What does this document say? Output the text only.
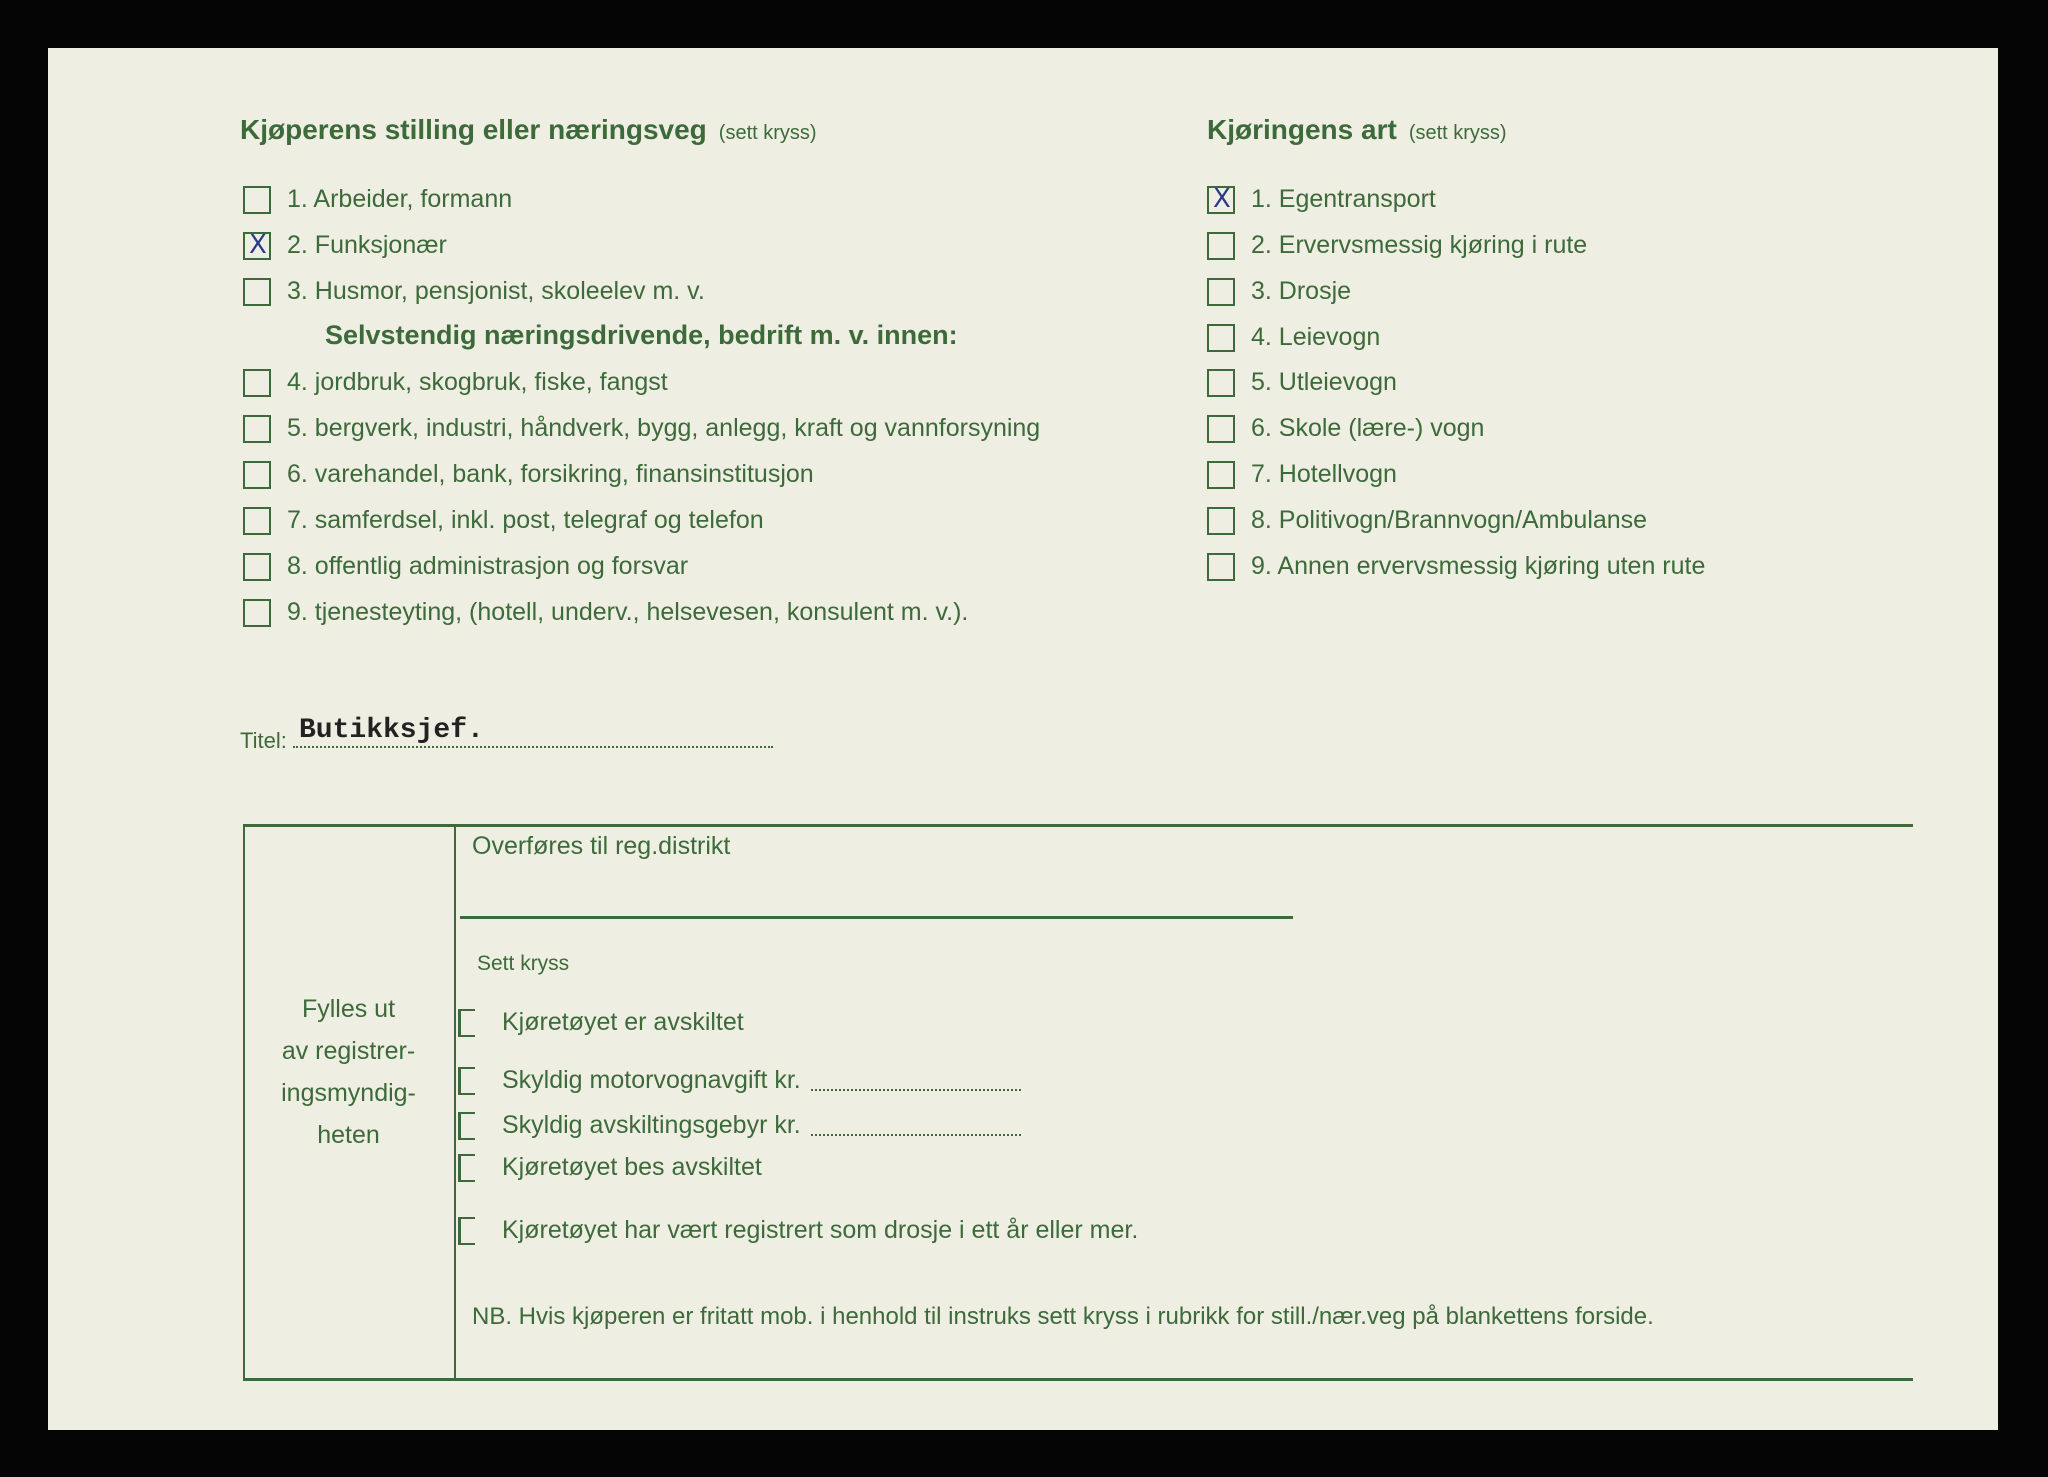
Kjøperens stilling eller næringsveg (sett kryss)
1. Arbeider, formann
X 2. Funksjonær
3. Husmor, pensjonist, skoleelev m. v.
Selvstendig næringsdrivende, bedrift m. v. innen:
4. jordbruk, skogbruk, fiske, fangst
5. bergverk, industri, håndverk, bygg, anlegg, kraft og vannforsyning
6. varehandel, bank, forsikring, finansinstitusjon
7. samferdsel, inkl. post, telegraf og telefon
8. offentlig administrasjon og forsvar
9. tjenesteyting, (hotell, underv., helsevesen, konsulent m. v.).
Kjøringens art (sett kryss)
X 1. Egentransport
2. Ervervsmessig kjøring i rute
3. Drosje
4. Leievogn
5. Utleievogn
6. Skole (lære-) vogn
7. Hotellvogn
8. Politivogn/Brannvogn/Ambulanse
9. Annen ervervsmessig kjøring uten rute
Titel: Butikksjef.
Fylles ut
av registrer-
ingsmyndig-
heten
Overføres til reg.distrikt
Sett kryss
Kjøretøyet er avskiltet
Skyldig motorvognavgift kr.
Skyldig avskiltingsgebyr kr.
Kjøretøyet bes avskiltet
Kjøretøyet har vært registrert som drosje i ett år eller mer.
NB. Hvis kjøperen er fritatt mob. i henhold til instruks sett kryss i rubrikk for still./nær.veg på blankettens forside.
